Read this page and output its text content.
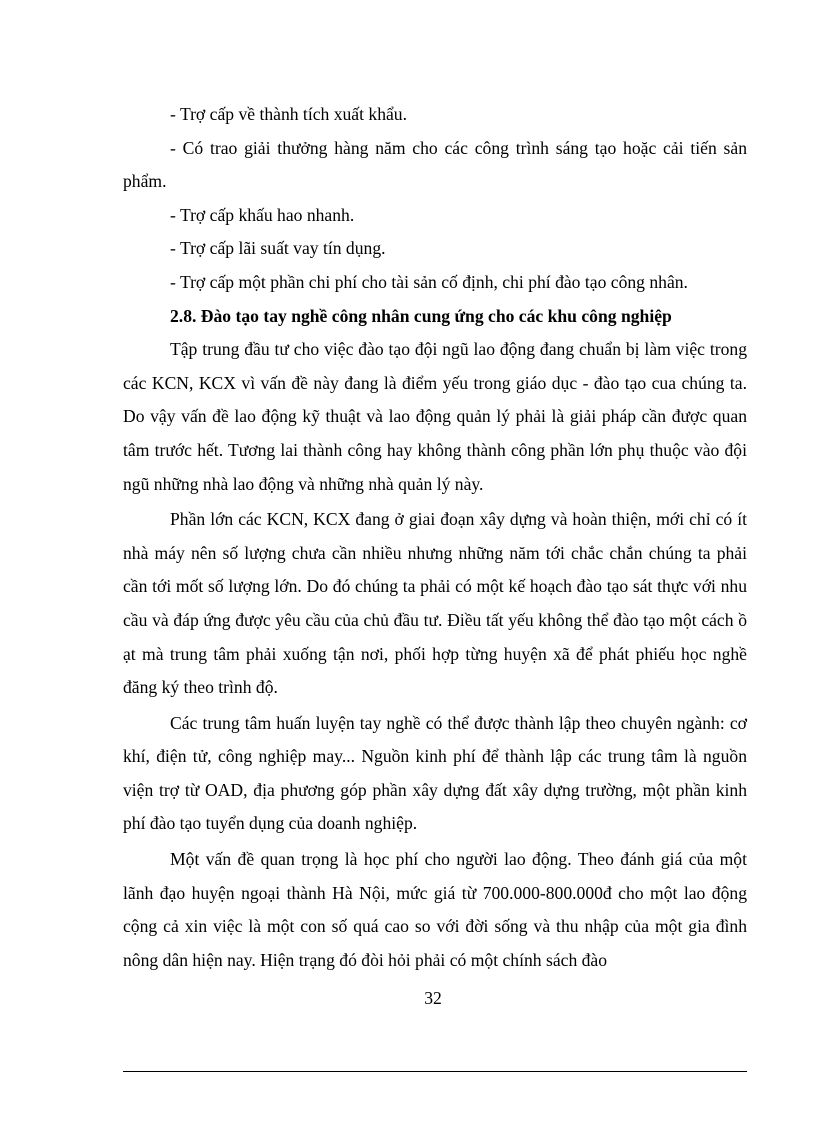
- Trợ cấp về thành tích xuất khẩu.

- Có trao giải thưởng hàng năm cho các công trình sáng tạo hoặc cải tiến sản phẩm.

- Trợ cấp khấu hao nhanh.

- Trợ cấp lãi suất vay tín dụng.

- Trợ cấp một phần chi phí cho tài sản cố định, chi phí đào tạo công nhân.

2.8. Đào tạo tay nghề công nhân cung ứng cho các khu công nghiệp

Tập trung đầu tư cho việc đào tạo đội ngũ lao động đang chuẩn bị làm việc trong các KCN, KCX vì vấn đề này đang là điểm yếu trong giáo dục - đào tạo cua chúng ta. Do vậy vấn đề lao động kỹ thuật và lao động quản lý phải là giải pháp cần được quan tâm trước hết. Tương lai thành công hay không thành công phần lớn phụ thuộc vào đội ngũ những nhà lao động và những nhà quản lý này.

Phần lớn các KCN, KCX đang ở giai đoạn xây dựng và hoàn thiện, mới chỉ có ít nhà máy nên số lượng chưa cần nhiều nhưng những năm tới chắc chắn chúng ta phải cần tới mốt số lượng lớn. Do đó chúng ta phải có một kế hoạch đào tạo sát thực với nhu cầu và đáp ứng được yêu cầu của chủ đầu tư. Điều tất yếu không thể đào tạo một cách ồ ạt mà trung tâm phải xuống tận nơi, phối hợp từng huyện xã để phát phiếu học nghề đăng ký theo trình độ.

Các trung tâm huấn luyện tay nghề có thể được thành lập theo chuyên ngành: cơ khí, điện tử, công nghiệp may... Nguồn kinh phí để thành lập các trung tâm là nguồn viện trợ từ OAD, địa phương góp phần xây dựng đất xây dựng trường, một phần kinh phí đào tạo tuyển dụng của doanh nghiệp.

Một vấn đề quan trọng là học phí cho người lao động. Theo đánh giá của một lãnh đạo huyện ngoại thành Hà Nội, mức giá từ 700.000-800.000đ cho một lao động cộng cả xin việc là một con số quá cao so với đời sống và thu nhập của một gia đình nông dân hiện nay. Hiện trạng đó đòi hỏi phải có một chính sách đào

32
